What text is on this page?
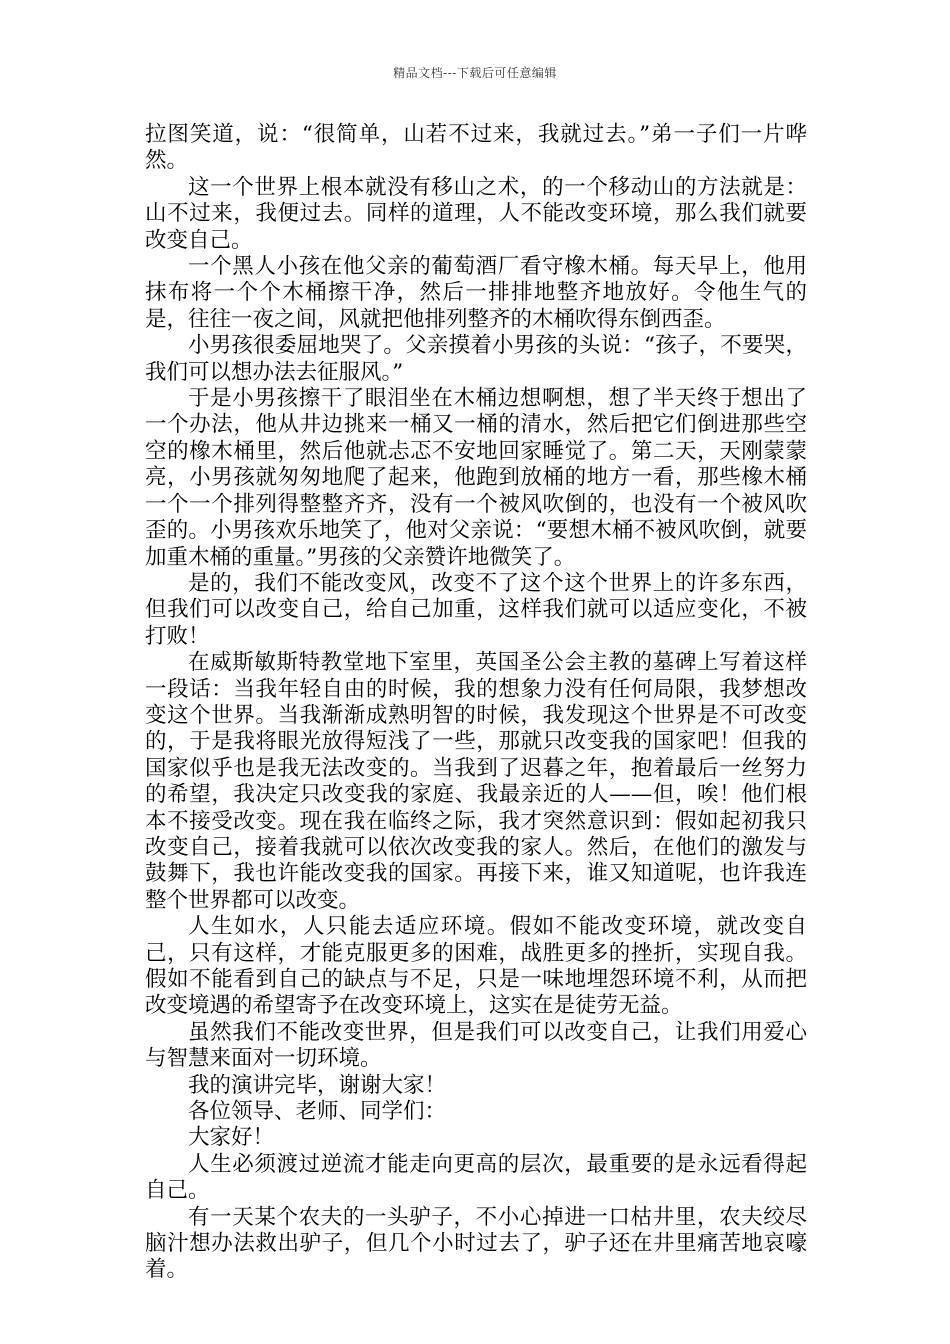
精品文档---下载后可任意编辑

拉图笑道，说：“很简单，山若不过来，我就过去。”弟一子们一片哗然。

这一个世界上根本就没有移山之术，的一个移动山的方法就是：山不过来，我便过去。同样的道理，人不能改变环境，那么我们就要改变自己。

一个黑人小孩在他父亲的葡萄酒厂看守橡木桶。每天早上，他用抹布将一个个木桶擦干净，然后一排排地整齐地放好。令他生气的是，往往一夜之间，风就把他排列整齐的木桶吹得东倒西歪。

小男孩很委屈地哭了。父亲摸着小男孩的头说：“孩子，不要哭，我们可以想办法去征服风。”

于是小男孩擦干了眼泪坐在木桶边想啊想，想了半天终于想出了一个办法，他从井边挑来一桶又一桶的清水，然后把它们倒进那些空空的橡木桶里，然后他就忐忑不安地回家睡觉了。第二天，天刚蒙蒙亮，小男孩就匆匆地爬了起来，他跑到放桶的地方一看，那些橡木桶一个一个排列得整整齐齐，没有一个被风吹倒的，也没有一个被风吹歪的。小男孩欢乐地笑了，他对父亲说：“要想木桶不被风吹倒，就要加重木桶的重量。”男孩的父亲赞许地微笑了。

是的，我们不能改变风，改变不了这个这个世界上的许多东西，但我们可以改变自己，给自己加重，这样我们就可以适应变化，不被打败！

在威斯敏斯特教堂地下室里，英国圣公会主教的墓碑上写着这样一段话：当我年轻自由的时候，我的想象力没有任何局限，我梦想改变这个世界。当我渐渐成熟明智的时候，我发现这个世界是不可改变的，于是我将眼光放得短浅了一些，那就只改变我的国家吧！但我的国家似乎也是我无法改变的。当我到了迟暮之年，抱着最后一丝努力的希望，我决定只改变我的家庭、我最亲近的人——但，唉！他们根本不接受改变。现在我在临终之际，我才突然意识到：假如起初我只改变自己，接着我就可以依次改变我的家人。然后，在他们的激发与鼓舞下，我也许能改变我的国家。再接下来，谁又知道呢，也许我连整个世界都可以改变。

人生如水，人只能去适应环境。假如不能改变环境，就改变自己，只有这样，才能克服更多的困难，战胜更多的挫折，实现自我。假如不能看到自己的缺点与不足，只是一味地埋怨环境不利，从而把改变境遇的希望寄予在改变环境上，这实在是徒劳无益。

虽然我们不能改变世界，但是我们可以改变自己，让我们用爱心与智慧来面对一切环境。

我的演讲完毕，谢谢大家！

各位领导、老师、同学们：

大家好！

人生必须渡过逆流才能走向更高的层次，最重要的是永远看得起自己。

有一天某个农夫的一头驴子，不小心掉进一口枯井里，农夫绞尽脑汁想办法救出驴子，但几个小时过去了，驴子还在井里痛苦地哀嚎着。
